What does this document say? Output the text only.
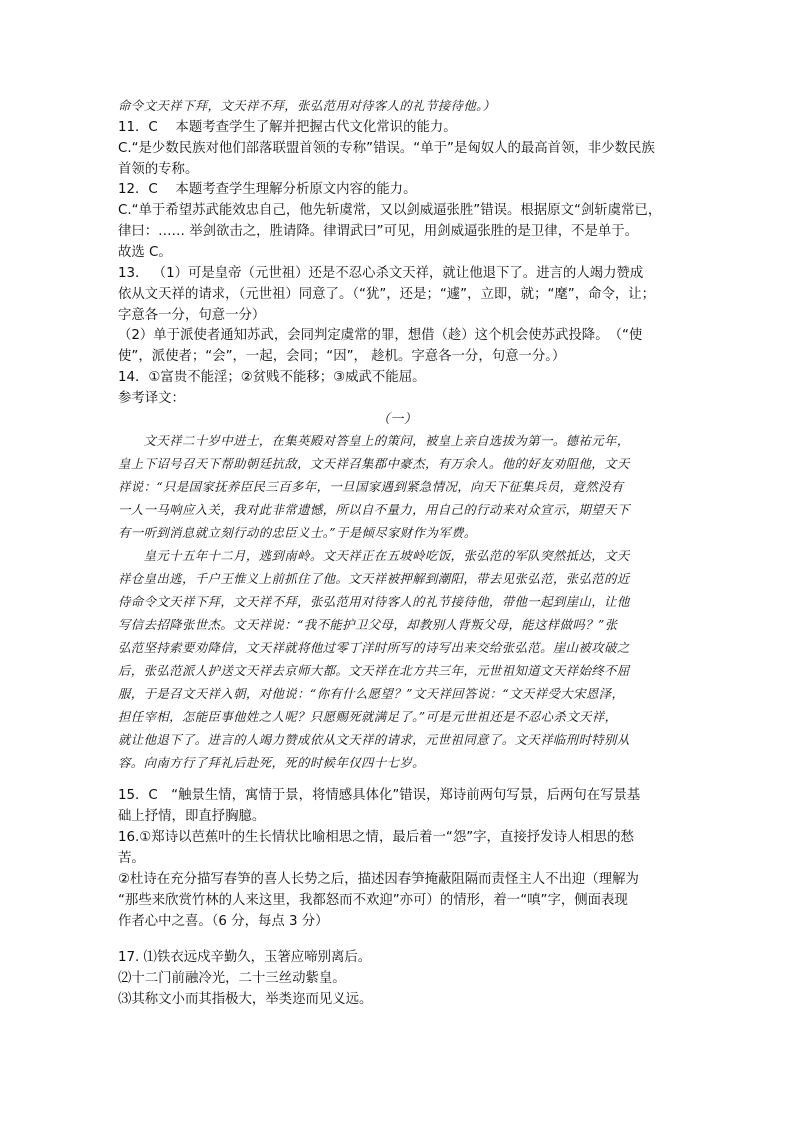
命令文天祥下拜，文天祥不拜，张弘范用对待客人的礼节接待他。）
11．C　 本题考查学生了解并把握古代文化常识的能力。
C.“是少数民族对他们部落联盟首领的专称”错误。“单于”是匈奴人的最高首领，非少数民族
首领的专称。
12．C　 本题考查学生理解分析原文内容的能力。
C.“单于希望苏武能效忠自己，他先斩虞常，又以剑威逼张胜”错误。根据原文“剑斩虞常已，
律曰：…… 举剑欲击之，胜请降。律谓武曰”可见，用剑威逼张胜的是卫律，不是单于。
故选 C。
13． （1）可是皇帝（元世祖）还是不忍心杀文天祥，就让他退下了。进言的人竭力赞成
依从文天祥的请求，（元世祖）同意了。（“犹”，还是；“遽”，立即，就；“麾”，命令，让；
字意各一分，句意一分）
（2）单于派使者通知苏武，会同判定虞常的罪，想借（趁）这个机会使苏武投降。　（“使
使”，派使者；“会”，一起，会同；“因”， 趁机。字意各一分，句意一分。）
14．①富贵不能淫；②贫贱不能移；③威武不能屈。
参考译文：
（一）
　　文天祥二十岁中进士，在集英殿对答皇上的策问，被皇上亲自选拔为第一。德祐元年，
皇上下诏号召天下帮助朝廷抗敌，文天祥召集郡中豪杰，有万余人。他的好友劝阻他，文天
祥说：“只是国家抚养臣民三百多年，一旦国家遇到紧急情况，向天下征集兵员，竟然没有
一人一马响应入关，我对此非常遗憾，所以自不量力，用自己的行动来对众宣示，期望天下
有一听到消息就立刻行动的忠臣义士。”于是倾尽家财作为军费。
　　皇元十五年十二月，逃到南岭。文天祥正在五坡岭吃饭，张弘范的军队突然抵达，文天
祥仓皇出逃，千户王惟义上前抓住了他。文天祥被押解到潮阳，带去见张弘范，张弘范的近
侍命令文天祥下拜，文天祥不拜，张弘范用对待客人的礼节接待他，带他一起到崖山，让他
写信去招降张世杰。文天祥说：“我不能护卫父母，却教别人背叛父母，能这样做吗？”张
弘范坚持索要劝降信，文天祥就将他过零丁洋时所写的诗写出来交给张弘范。崖山被攻破之
后，张弘范派人护送文天祥去京师大都。文天祥在北方共三年，元世祖知道文天祥始终不屈
服，于是召文天祥入朝，对他说：“你有什么愿望？”文天祥回答说：“文天祥受大宋恩泽，
担任宰相，怎能臣事他姓之人呢？只愿赐死就满足了。”可是元世祖还是不忍心杀文天祥，
就让他退下了。进言的人竭力赞成依从文天祥的请求，元世祖同意了。文天祥临刑时特别从
容。向南方行了拜礼后赴死，死的时候年仅四十七岁。
15．C　“触景生情，寓情于景，将情感具体化”错误，郑诗前两句写景，后两句在写景基
础上抒情，即直抒胸臆。
16.①郑诗以芭蕉叶的生长情状比喻相思之情，最后着一“怨”字，直接抒发诗人相思的愁
苦。
②杜诗在充分描写春笋的喜人长势之后，描述因春笋掩蔽阻隔而责怪主人不出迎（理解为
“那些来欣赏竹林的人来这里，我都怒而不欢迎”亦可）的情形，着一“嗔”字，侧面表现
作者心中之喜。（6 分，每点 3 分）
17. ⑴铁衣远戍辛勤久，玉箸应啼别离后。
⑵十二门前融冷光，二十三丝动紫皇。
⑶其称文小而其指极大，举类迩而见义远。
